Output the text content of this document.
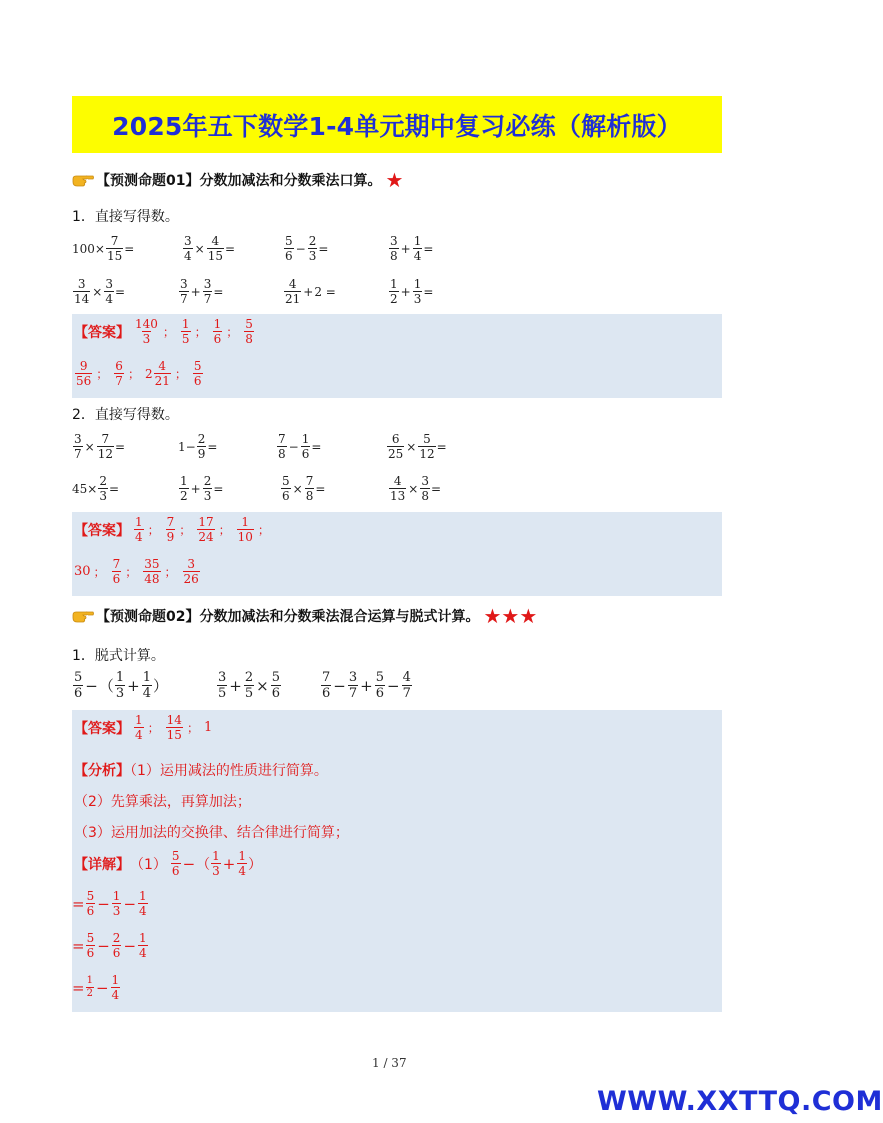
2025年五下数学1-4单元期中复习必练（解析版）
【预测命题01】分数加减法和分数乘法口算。 ★
1．直接写得数。
$100\times \frac{7}{15}$ =	$\frac{3}{4} \times \frac{4}{15}$ =	$\frac{5}{6} - \frac{2}{3}$ =	$\frac{3}{8} + \frac{1}{4}$ =
$\frac{3}{14} \times \frac{3}{4}$ =	$\frac{3}{7} + \frac{3}{7}$ =	$\frac{4}{21} + 2$ =	$\frac{1}{2} + \frac{1}{3}$ =
【答案】 $\frac{140}{3}$ ； $\frac{1}{5}$ ； $\frac{1}{6}$ ； $\frac{5}{8}$
$\frac{9}{56}$ ； $\frac{6}{7}$ ； $2 \frac{4}{21}$ ； $\frac{5}{6}$
2．直接写得数。
$\frac{3}{7} \times \frac{7}{12}$ =	$1- \frac{2}{9}$ =	$\frac{7}{8} - \frac{1}{6}$ =	$\frac{6}{25} \times \frac{5}{12}$ =
$45\times \frac{2}{3}$ =	$\frac{1}{2} + \frac{2}{3}$ =	$\frac{5}{6} \times \frac{7}{8}$ =	$\frac{4}{13} \times \frac{3}{8}$ =
【答案】 $\frac{1}{4}$ ； $\frac{7}{9}$ ； $\frac{17}{24}$ ； $\frac{1}{10}$ ；
30 ； $\frac{7}{6}$ ； $\frac{35}{48}$ ； $\frac{3}{26}$
【预测命题02】分数加减法和分数乘法混合运算与脱式计算。 ★ ★ ★
1．脱式计算。
$\frac{5}{6}$ − （ $\frac{1}{3} + \frac{1}{4}$ ）	$\frac{3}{5} + \frac{2}{5} \times \frac{5}{6}$	$\frac{7}{6} - \frac{3}{7} + \frac{5}{6} - \frac{4}{7}$
【答案】 $\frac{1}{4}$ ； $\frac{14}{15}$ ； 1
【分析】（1）运用减法的性质进行简算。
（2）先算乘法，再算加法；
（3）运用加法的交换律、结合律进行简算；
【详解】 $(1) \frac{5}{6}$ − （ $\frac{1}{3} + \frac{1}{4}$ ）
= $\frac{5}{6} - \frac{1}{3} - \frac{1}{4}$
= $\frac{5}{6} - \frac{2}{6} - \frac{1}{4}$
= $\frac{1}{2} - \frac{1}{4}$
1 / 37
WWW.XXTTQ.COM
